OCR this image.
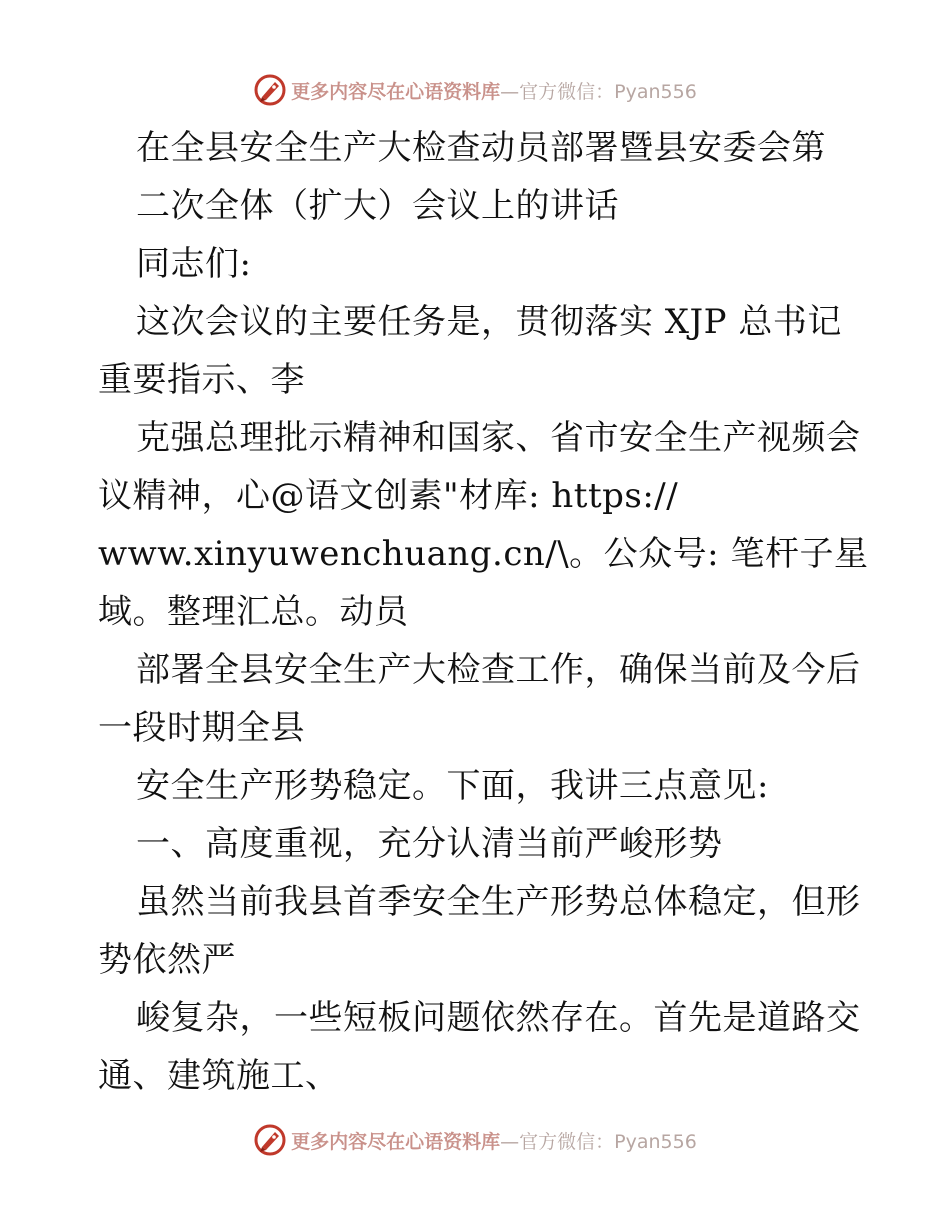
更多内容尽在心语资料库—官方微信：Pyan556
在全县安全生产大检查动员部署暨县安委会第
二次全体（扩大）会议上的讲话
同志们:
这次会议的主要任务是，贯彻落实 XJP 总书记
重要指示、李
克强总理批示精神和国家、省市安全生产视频会
议精神，心@语文创素"材库: https://
www.xinyuwenchuang.cn/\。公众号: 笔杆子星
域。整理汇总。动员
部署全县安全生产大检查工作，确保当前及今后
一段时期全县
安全生产形势稳定。下面，我讲三点意见:
一、高度重视，充分认清当前严峻形势
虽然当前我县首季安全生产形势总体稳定，但形
势依然严
峻复杂，一些短板问题依然存在。首先是道路交
通、建筑施工、
更多内容尽在心语资料库—官方微信：Pyan556
